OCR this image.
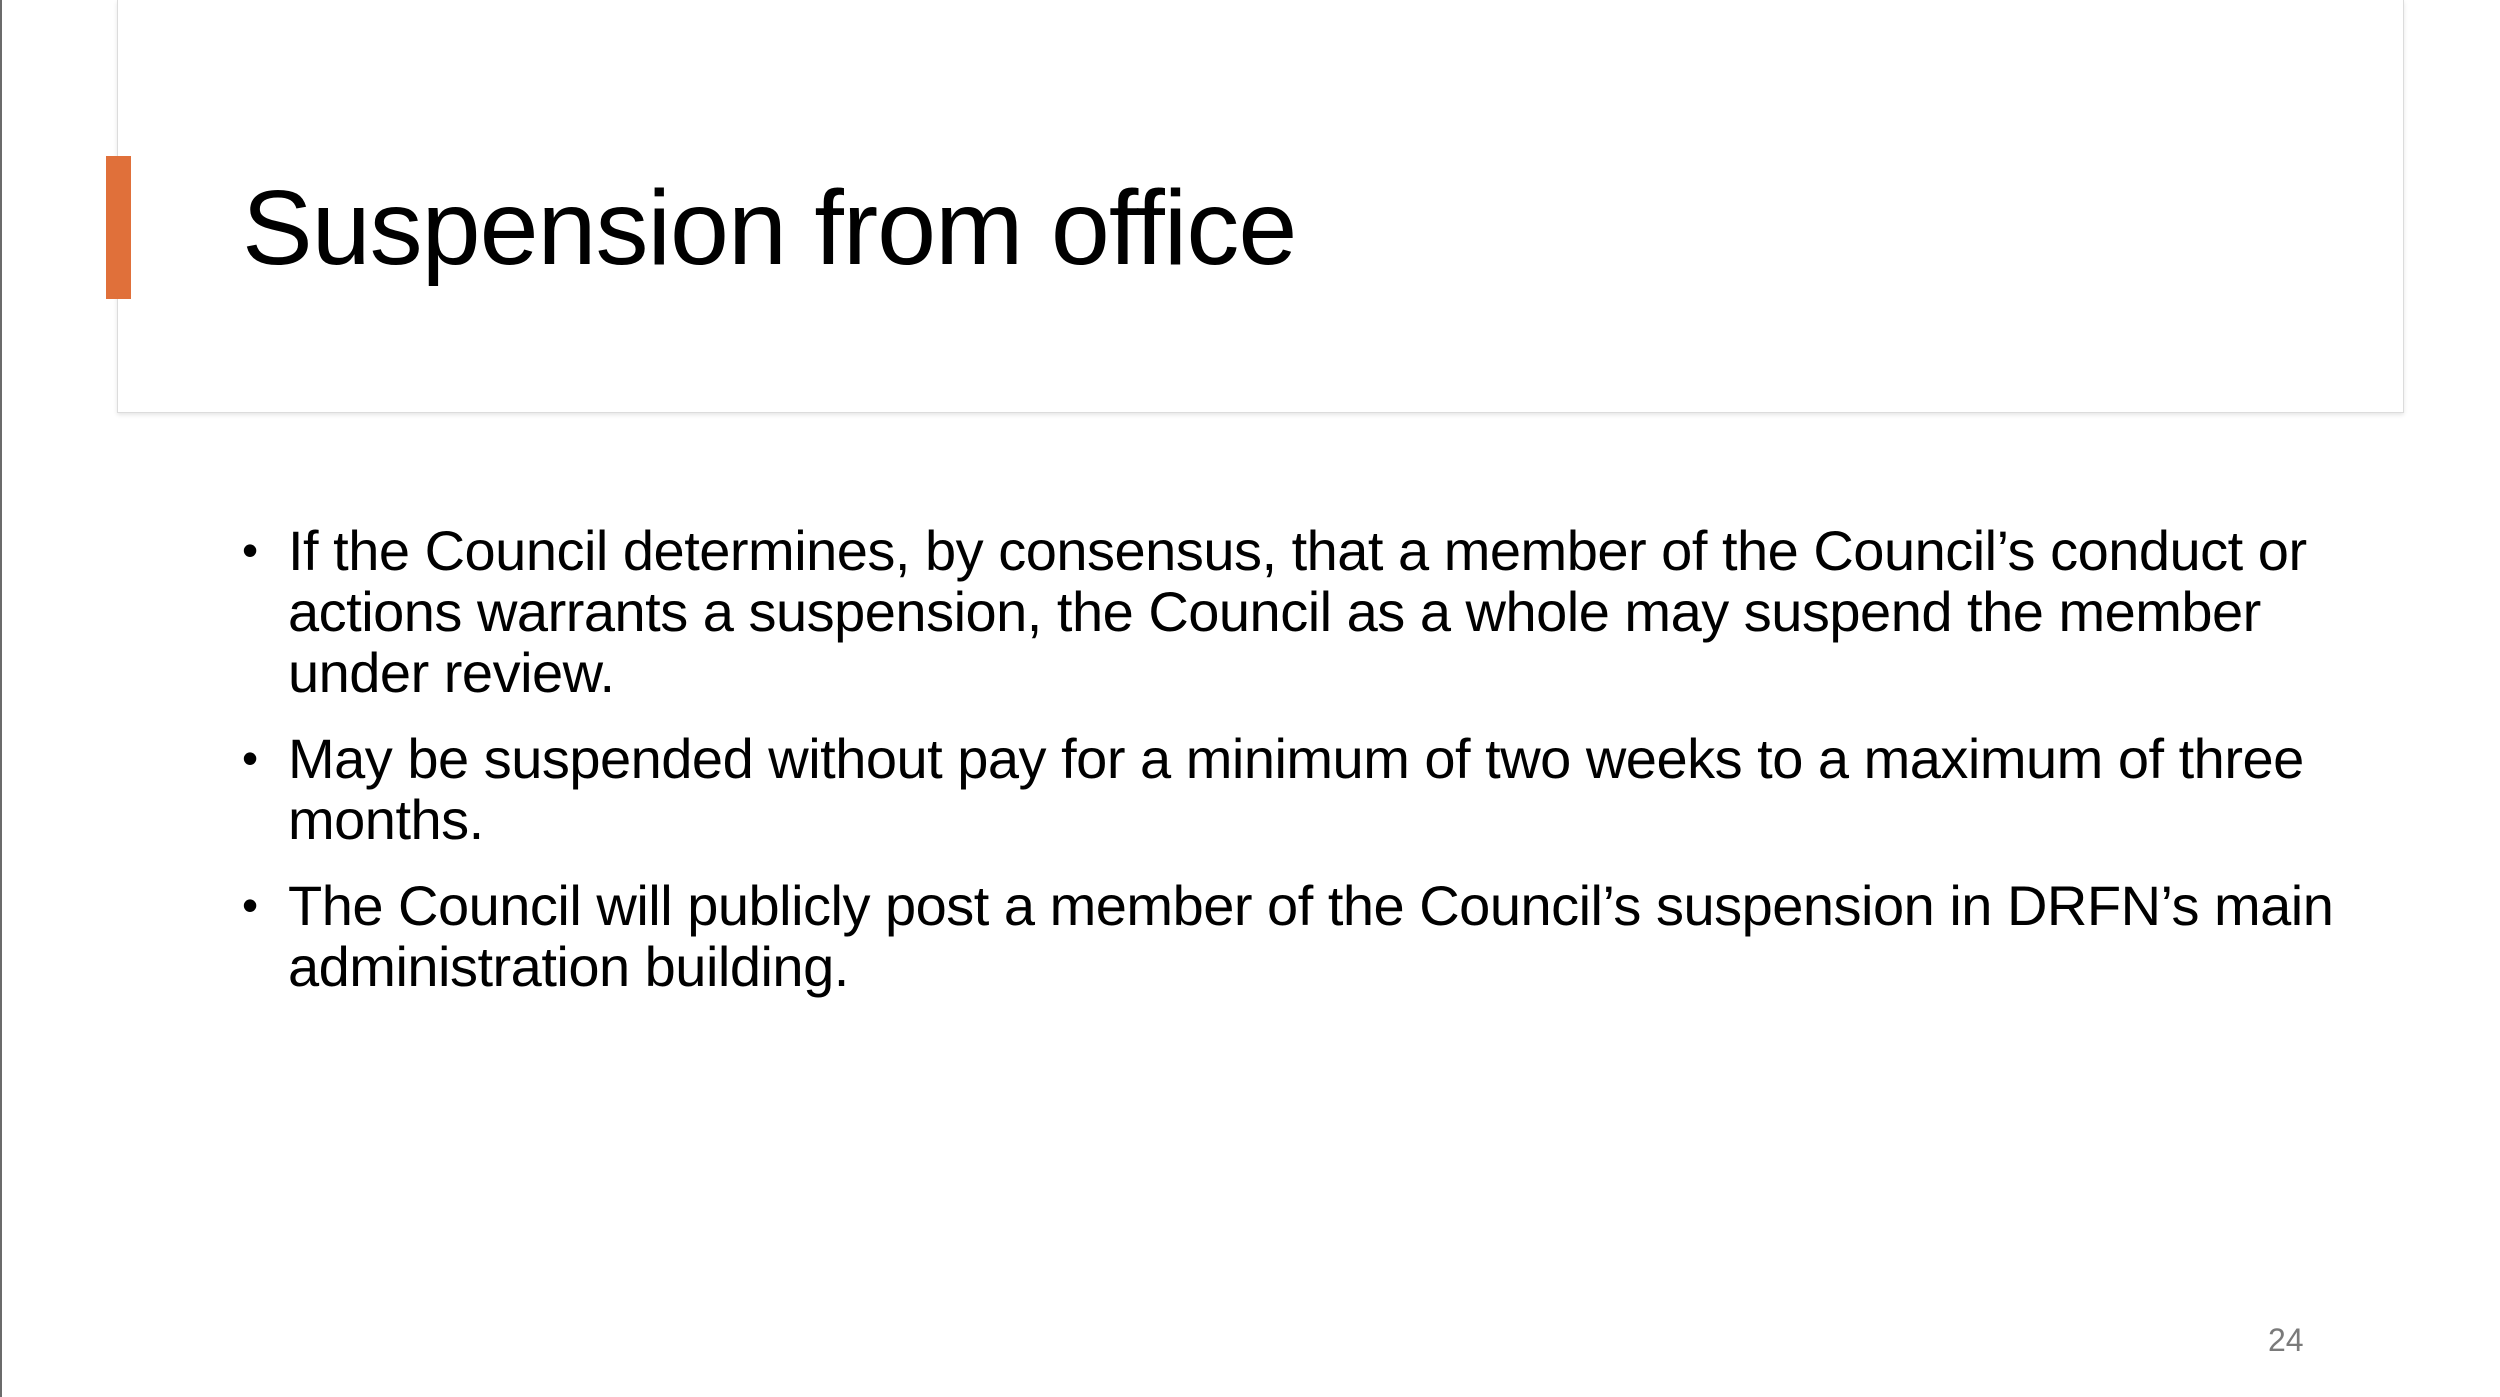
Suspension from office
• If the Council determines, by consensus, that a member of the Council’s conduct or actions warrants a suspension, the Council as a whole may suspend the member under review.
• May be suspended without pay for a minimum of two weeks to a maximum of three months.
• The Council will publicly post a member of the Council’s suspension in DRFN’s main administration building.
24
